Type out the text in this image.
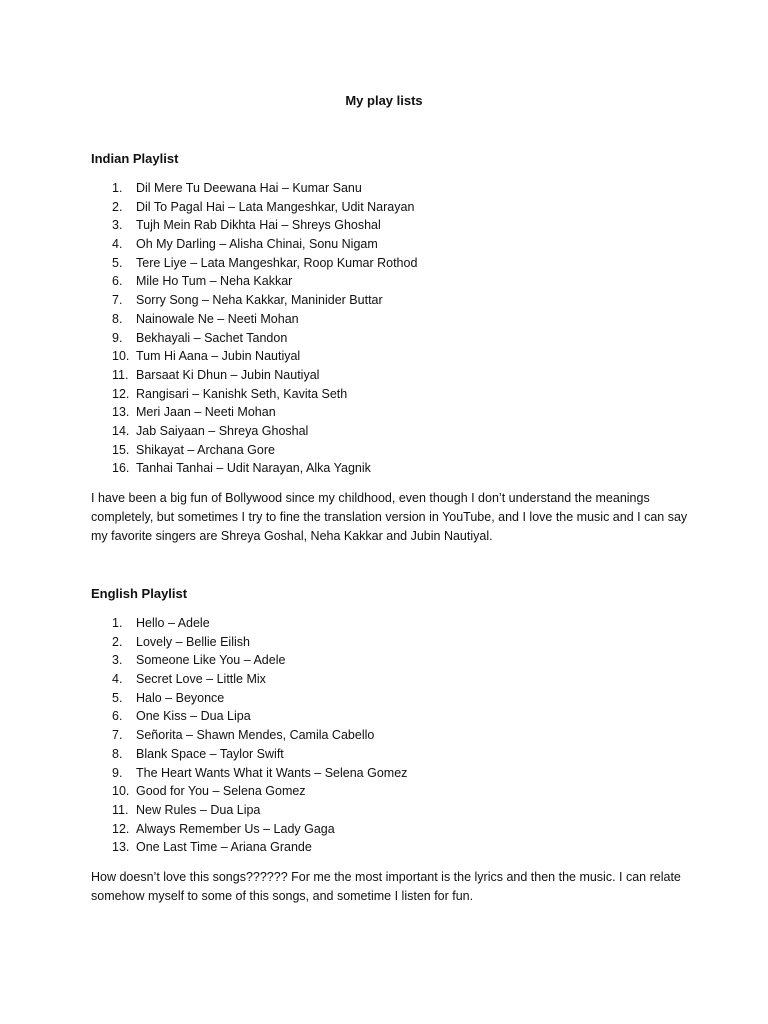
My play lists
Indian Playlist
1. Dil Mere Tu Deewana Hai – Kumar Sanu
2. Dil To Pagal Hai – Lata Mangeshkar, Udit Narayan
3. Tujh Mein Rab Dikhta Hai – Shreys Ghoshal
4. Oh My Darling – Alisha Chinai, Sonu Nigam
5. Tere Liye – Lata Mangeshkar, Roop Kumar Rothod
6. Mile Ho Tum – Neha Kakkar
7. Sorry Song – Neha Kakkar, Maninider Buttar
8. Nainowale Ne – Neeti Mohan
9. Bekhayali – Sachet Tandon
10. Tum Hi Aana – Jubin Nautiyal
11. Barsaat Ki Dhun – Jubin Nautiyal
12. Rangisari – Kanishk Seth, Kavita Seth
13. Meri Jaan – Neeti Mohan
14. Jab Saiyaan – Shreya Ghoshal
15. Shikayat – Archana Gore
16. Tanhai Tanhai – Udit Narayan, Alka Yagnik

I have been a big fun of Bollywood since my childhood, even though I don’t understand the meanings completely, but sometimes I try to fine the translation version in YouTube, and I love the music and I can say my favorite singers are Shreya Goshal, Neha Kakkar and Jubin Nautiyal.

English Playlist
1. Hello – Adele
2. Lovely – Bellie Eilish
3. Someone Like You – Adele
4. Secret Love – Little Mix
5. Halo – Beyonce
6. One Kiss – Dua Lipa
7. Señorita – Shawn Mendes, Camila Cabello
8. Blank Space – Taylor Swift
9. The Heart Wants What it Wants – Selena Gomez
10. Good for You – Selena Gomez
11. New Rules – Dua Lipa
12. Always Remember Us – Lady Gaga
13. One Last Time – Ariana Grande

How doesn’t love this songs?????? For me the most important is the lyrics and then the music. I can relate somehow myself to some of this songs, and sometime I listen for fun.
